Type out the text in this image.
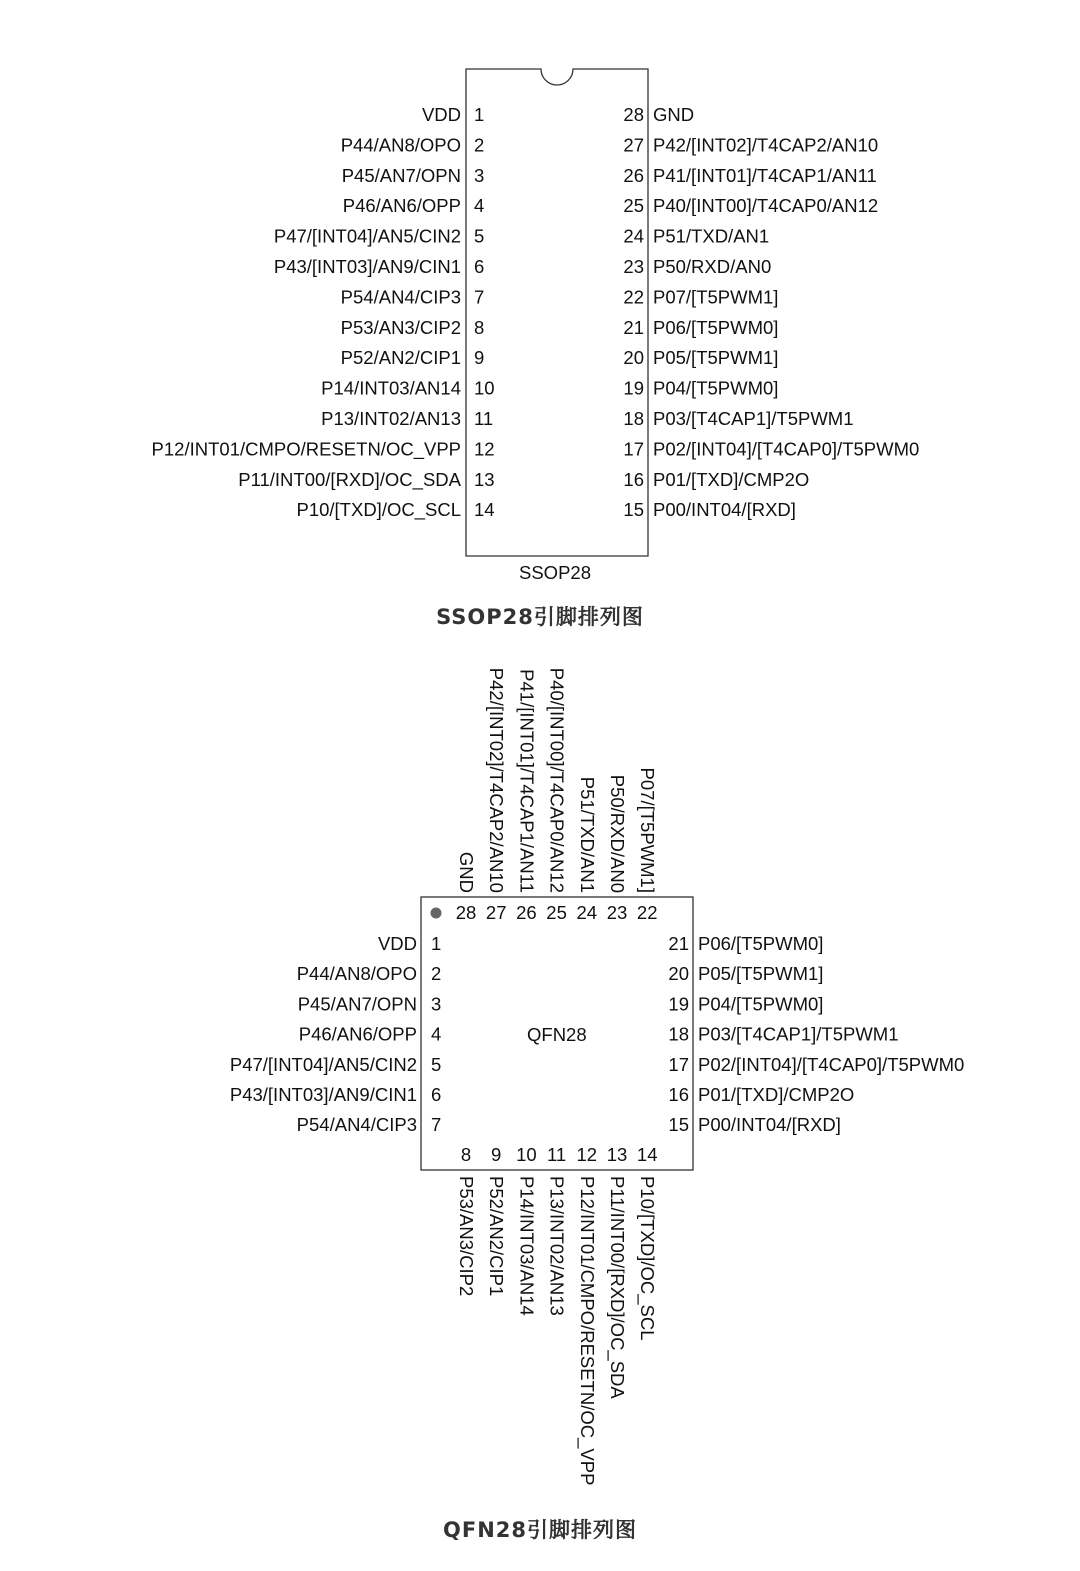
VDD 1
P44/AN8/OPO 2
P45/AN7/OPN 3
P46/AN6/OPP 4
P47/[INT04]/AN5/CIN2 5
P43/[INT03]/AN9/CIN1 6
P54/AN4/CIP3 7
P53/AN3/CIP2 8
P52/AN2/CIP1 9
P14/INT03/AN14 10
P13/INT02/AN13 11
P12/INT01/CMPO/RESETN/OC_VPP 12
P11/INT00/[RXD]/OC_SDA 13
P10/[TXD]/OC_SCL 14
28 GND
27 P42/[INT02]/T4CAP2/AN10
26 P41/[INT01]/T4CAP1/AN11
25 P40/[INT00]/T4CAP0/AN12
24 P51/TXD/AN1
23 P50/RXD/AN0
22 P07/[T5PWM1]
21 P06/[T5PWM0]
20 P05/[T5PWM1]
19 P04/[T5PWM0]
18 P03/[T4CAP1]/T5PWM1
17 P02/[INT04]/[T4CAP0]/T5PWM0
16 P01/[TXD]/CMP2O
15 P00/INT04/[RXD]
SSOP28
SSOP28引脚排列图
28
GND
27
P42/[INT02]/T4CAP2/AN10
26
P41/[INT01]/T4CAP1/AN11
25
P40/[INT00]/T4CAP0/AN12
24
P51/TXD/AN1
23
P50/RXD/AN0
22
P07/[T5PWM1]
VDD 1
P44/AN8/OPO 2
P45/AN7/OPN 3
P46/AN6/OPP 4
P47/[INT04]/AN5/CIN2 5
P43/[INT03]/AN9/CIN1 6
P54/AN4/CIP3 7
21 P06/[T5PWM0]
20 P05/[T5PWM1]
19 P04/[T5PWM0]
18 P03/[T4CAP1]/T5PWM1
17 P02/[INT04]/[T4CAP0]/T5PWM0
16 P01/[TXD]/CMP2O
15 P00/INT04/[RXD]
8
P53/AN3/CIP2
9
P52/AN2/CIP1
10
P14/INT03/AN14
11
P13/INT02/AN13
12
P12/INT01/CMPO/RESETN/OC_VPP
13
P11/INT00/[RXD]/OC_SDA
14
P10/[TXD]/OC_SCL
QFN28
QFN28引脚排列图
